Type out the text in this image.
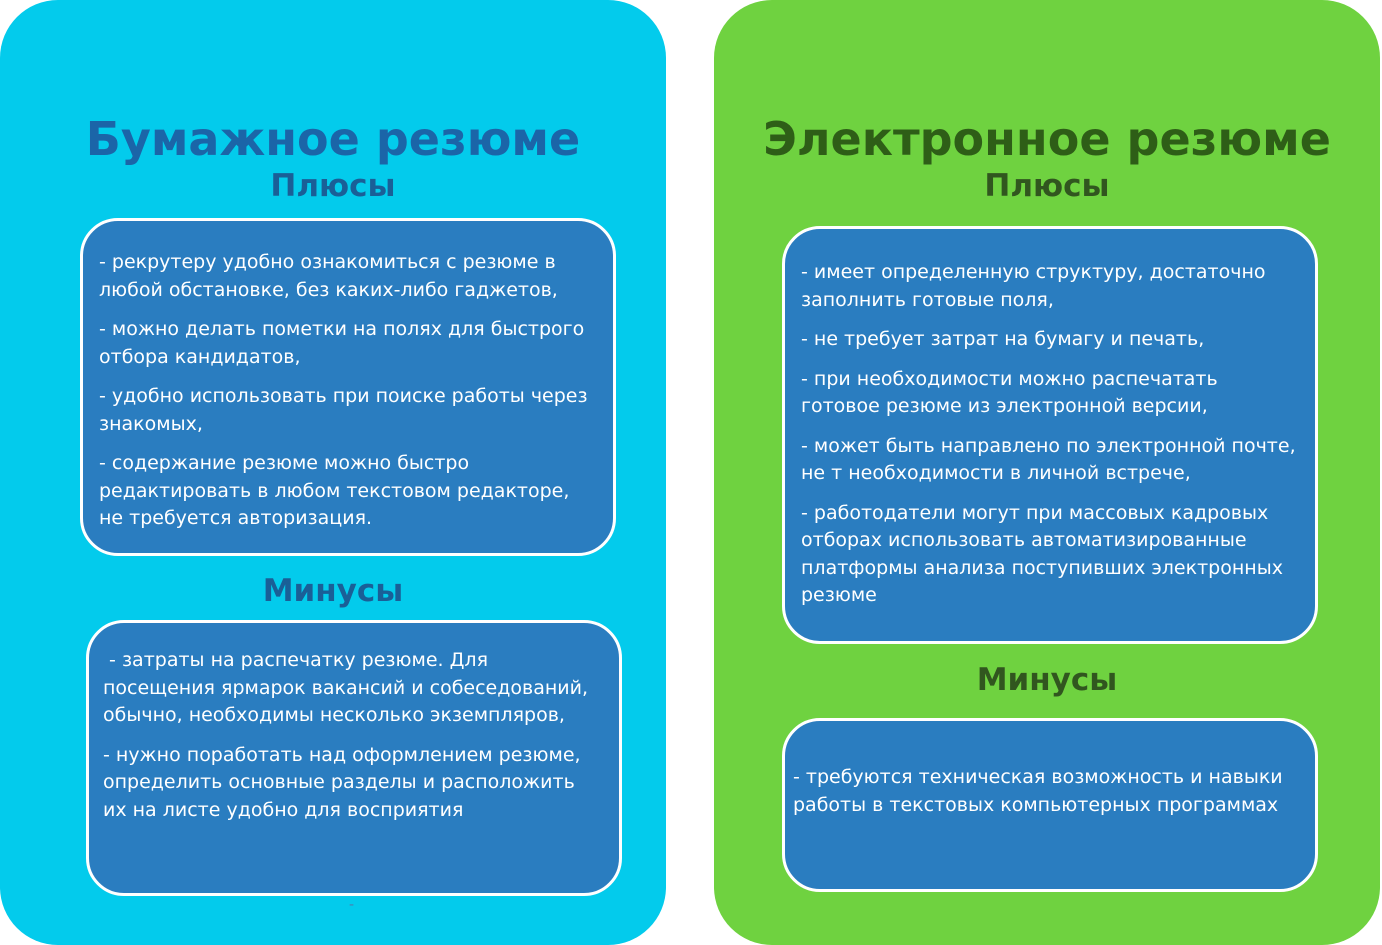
Бумажное резюме
Плюсы

- рекрутеру удобно ознакомиться с резюме в любой обстановке, без каких-либо гаджетов,

- можно делать пометки на полях для быстрого отбора кандидатов,

- удобно использовать при поиске работы через знакомых,

- содержание резюме можно быстро редактировать в любом текстовом редакторе, не требуется авторизация.

Минусы

- затраты на распечатку резюме. Для посещения ярмарок вакансий и собеседований, обычно, необходимы несколько экземпляров,

- нужно поработать над оформлением резюме, определить основные разделы и расположить их на листе удобно для восприятия

-
Электронное резюме
Плюсы

- имеет определенную структуру, достаточно заполнить готовые поля,

- не требует затрат на бумагу и печать,

- при необходимости можно распечатать готовое резюме из электронной версии,

- может быть направлено по электронной почте, не т необходимости в личной встрече,

- работодатели могут при массовых кадровых отборах использовать автоматизированные платформы анализа поступивших электронных резюме

Минусы

- требуются техническая возможность и навыки работы в текстовых компьютерных программах
